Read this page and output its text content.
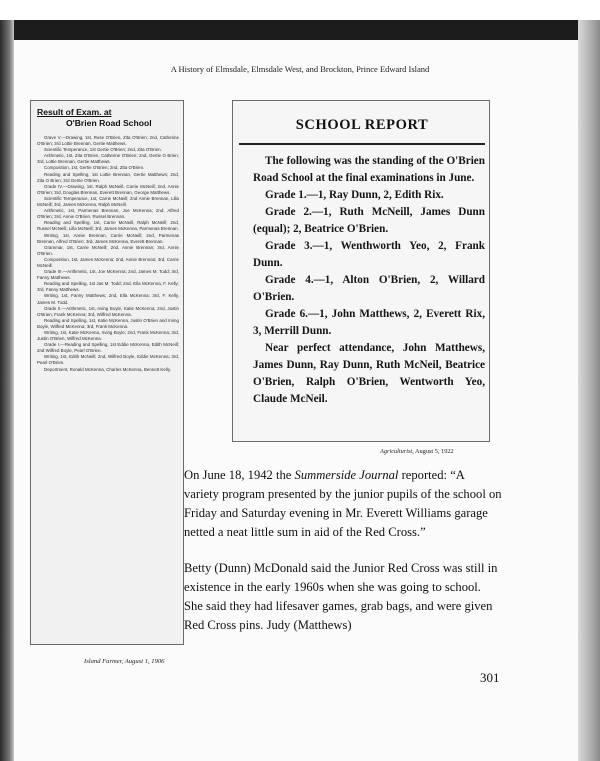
A History of Elmsdale, Elmsdale West, and Brockton, Prince Edward Island
Result of Exam. at
O'Brien Road School

Grave V.—Drawing, 1st, Rose O'Brien, Zita O'Brien; 2nd, Catherine O'Brien; 3rd Lottie Brennan, Gertie Matthews.

Scientific Temperance, 1st Gertie O'Brien; 2nd, Zita O'Brien.

Arithmetic, 1st, Zita O'Brien, Catherine O'Brien; 2nd, Gertie O Brien; 3rd, Lottie Brennan, Gertie Matthews.

Composition, 1st, Gertie O'Brien; 2nd, Zita O'Brien.

Reading and Spelling, 1st Lottie Brennan, Gertie Matthews; 2nd, Zita O Brien; 3rd Gertie O'Brien.

Grade IV.—Drawing, 1st, Ralph McNeill, Carrie McNeill; 2nd, Annie O'Brien; 3rd, Douglas Brennan, Everett Brennan, George Matthews.

Scientific Temperance, 1st, Carrie McNeill; 2nd Annie Brennan, Lilla McNeill; 3rd, James McKenna, Ralph McNeill.

Arithmetic, 1st, Parmenas Brennan, Joe McKenna; 2nd, Alfred O'Brien; 3rd, Annie O'Brien, Russel Brennan.

Reading and Spelling, 1st, Carrie McNeill, Ralph McNeill; 2nd, Russel McNeill, Lilla McNeill; 3rd, James McKenna, Parmenas Brennan.

Writing, 1st, Annie Brennan, Carrie McNeill; 2nd, Parmenas Brennan, Alfred O'Brien; 3rd, James McKenna, Everett Brennan.

Grammar, 1st, Carrie McNeill; 2nd, Annie Brennan; 3rd, Annie O'Brien.

Composition, 1st, James McKenna; 2nd, Annie Brennan; 3rd, Carrie McNeill.

Grade III.—Arithmetic, 1st, Joe McKenna; 2nd, James M. Todd; 3rd, Fanny Matthews.

Reading and Spelling, 1st Jas M. Todd; 2nd, Ella McKenna, F. Kelly; 3rd, Fanny Matthews.

Writing, 1st, Fanny Matthews; 2nd, Ella McKenna; 3rd, F. Kelly, James M. Todd.

Grade II.—Arithmetic, 1st, Irving Boyle, Katie McKenna; 2nd, Justin O'Brien, Frank McKenna; 3rd, Wilfred McKenna.

Reading and Spelling, 1st, Katie McKenna, Justin O'Brien and Irving Boyle, Wilfred McKenna; 3rd, Frank McKenna.

Writing, 1st, Katie McKenna, Irving Boyle; 2nd, Frank McKenna; 3rd, Justin O'Brien, Wilfred McKenna.

Grade I.—Reading and Spelling, 1st Eddie McKenna, Edith McNeill; 2nd Wilfred Boyle, Pearl O'Brien.

Writing, 1st, Edith McNeill; 2nd, Wilfred Boyle, Eddie McKenna; 3rd, Pearl O'Brien.

Deportment, Ronald McKenna, Charles McKenna, Bennett Kelly.

Island Farmer, August 1, 1906
SCHOOL REPORT

The following was the standing of the O'Brien Road School at the final examinations in June.

Grade 1.—1, Ray Dunn, 2, Edith Rix.

Grade 2.—1, Ruth McNeill, James Dunn (equal); 2, Beatrice O'Brien.

Grade 3.—1, Wenthworth Yeo, 2, Frank Dunn.

Grade 4.—1, Alton O'Brien, 2, Willard O'Brien.

Grade 6.—1, John Matthews, 2, Everett Rix, 3, Merrill Dunn.

Near perfect attendance, John Matthews, James Dunn, Ray Dunn, Ruth McNeil, Beatrice O'Brien, Ralph O'Brien, Wentworth Yeo, Claude McNeil.

Agriculturist, August 5, 1922

On June 18, 1942 the Summerside Journal reported: “A variety program presented by the junior pupils of the school on Friday and Saturday evening in Mr. Everett Williams garage netted a neat little sum in aid of the Red Cross.”

Betty (Dunn) McDonald said the Junior Red Cross was still in existence in the early 1960s when she was going to school. She said they had lifesaver games, grab bags, and were given Red Cross pins. Judy (Matthews)

301
